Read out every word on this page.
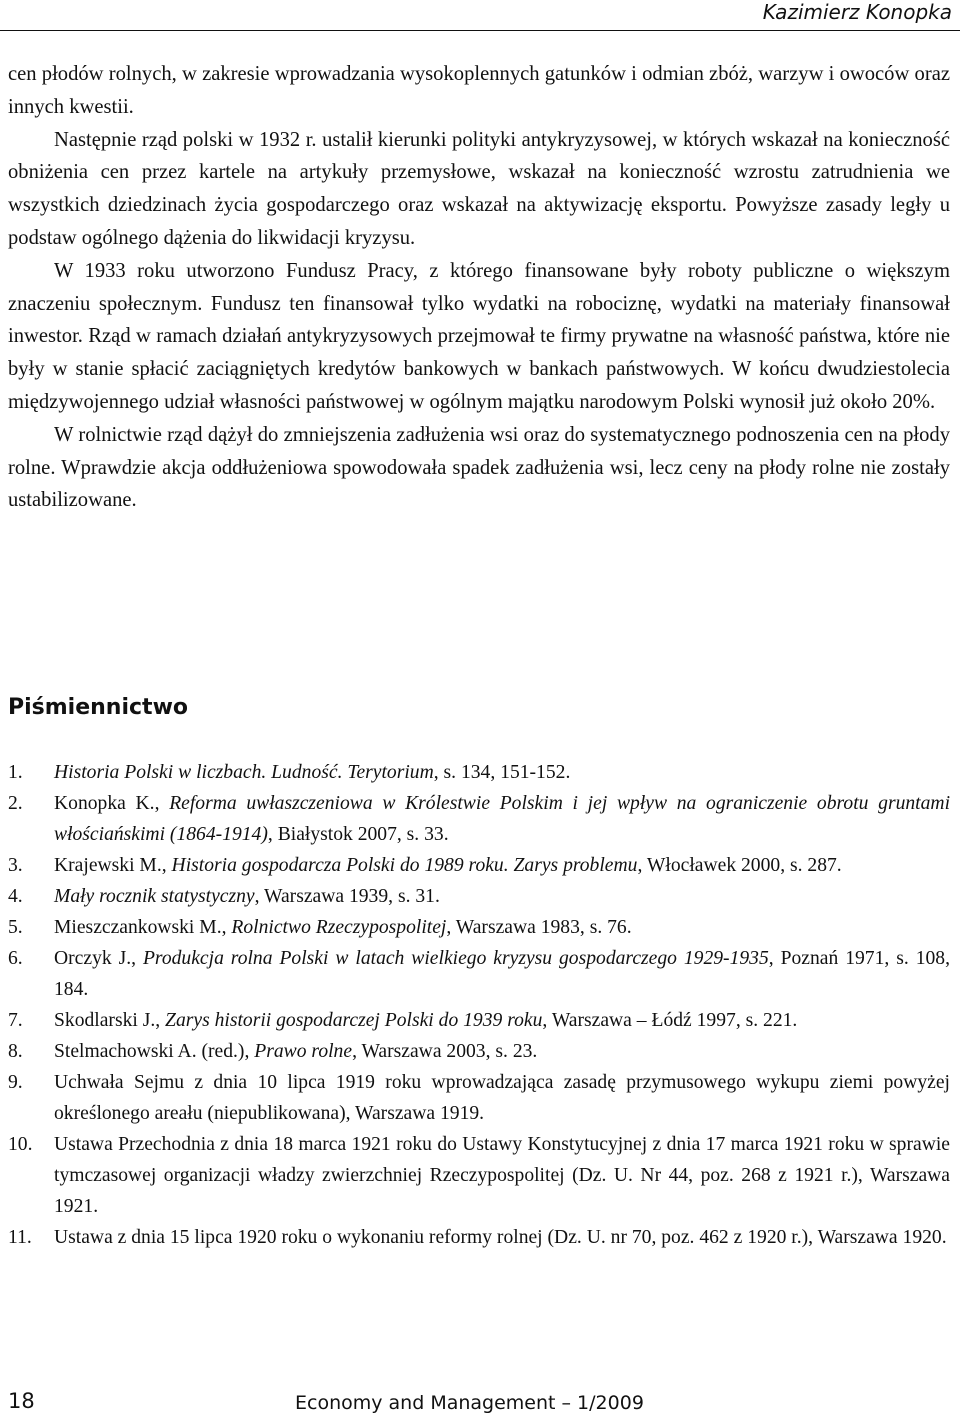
Kazimierz Konopka

cen płodów rolnych, w zakresie wprowadzania wysokoplennych gatunków i odmian zbóż, warzyw i owoców oraz innych kwestii.

Następnie rząd polski w 1932 r. ustalił kierunki polityki antykryzysowej, w których wskazał na konieczność obniżenia cen przez kartele na artykuły przemysłowe, wskazał na konieczność wzrostu zatrudnienia we wszystkich dziedzinach życia gospodarczego oraz wskazał na aktywizację eksportu. Powyższe zasady legły u podstaw ogólnego dążenia do likwidacji kryzysu.

W 1933 roku utworzono Fundusz Pracy, z którego finansowane były roboty publiczne o większym znaczeniu społecznym. Fundusz ten finansował tylko wydatki na robociznę, wydatki na materiały finansował inwestor. Rząd w ramach działań antykryzysowych przejmował te firmy prywatne na własność państwa, które nie były w stanie spłacić zaciągniętych kredytów bankowych w bankach państwowych. W końcu dwudziestolecia międzywojennego udział własności państwowej w ogólnym majątku narodowym Polski wynosił już około 20%.

W rolnictwie rząd dążył do zmniejszenia zadłużenia wsi oraz do systematycznego podnoszenia cen na płody rolne. Wprawdzie akcja oddłużeniowa spowodowała spadek zadłużenia wsi, lecz ceny na płody rolne nie zostały ustabilizowane.

Piśmiennictwo
1.	Historia Polski w liczbach. Ludność. Terytorium, s. 134, 151-152.
2.	Konopka K., Reforma uwłaszczeniowa w Królestwie Polskim i jej wpływ na ograniczenie obrotu gruntami włościańskimi (1864-1914), Białystok 2007, s. 33.
3.	Krajewski M., Historia gospodarcza Polski do 1989 roku. Zarys problemu, Włocławek 2000, s. 287.
4.	Mały rocznik statystyczny, Warszawa 1939, s. 31.
5.	Mieszczankowski M., Rolnictwo Rzeczypospolitej, Warszawa 1983, s. 76.
6.	Orczyk J., Produkcja rolna Polski w latach wielkiego kryzysu gospodarczego 1929-1935, Poznań 1971, s. 108, 184.
7.	Skodlarski J., Zarys historii gospodarczej Polski do 1939 roku, Warszawa – Łódź 1997, s. 221.
8.	Stelmachowski A. (red.), Prawo rolne, Warszawa 2003, s. 23.
9.	Uchwała Sejmu z dnia 10 lipca 1919 roku wprowadzająca zasadę przymusowego wykupu ziemi powyżej określonego areału (niepublikowana), Warszawa 1919.
10.	Ustawa Przechodnia z dnia 18 marca 1921 roku do Ustawy Konstytucyjnej z dnia 17 marca 1921 roku w sprawie tymczasowej organizacji władzy zwierzchniej Rzeczypospolitej (Dz. U. Nr 44, poz. 268 z 1921 r.), Warszawa 1921.
11.	Ustawa z dnia 15 lipca 1920 roku o wykonaniu reformy rolnej (Dz. U. nr 70, poz. 462 z 1920 r.), Warszawa 1920.
18	Economy and Management – 1/2009
